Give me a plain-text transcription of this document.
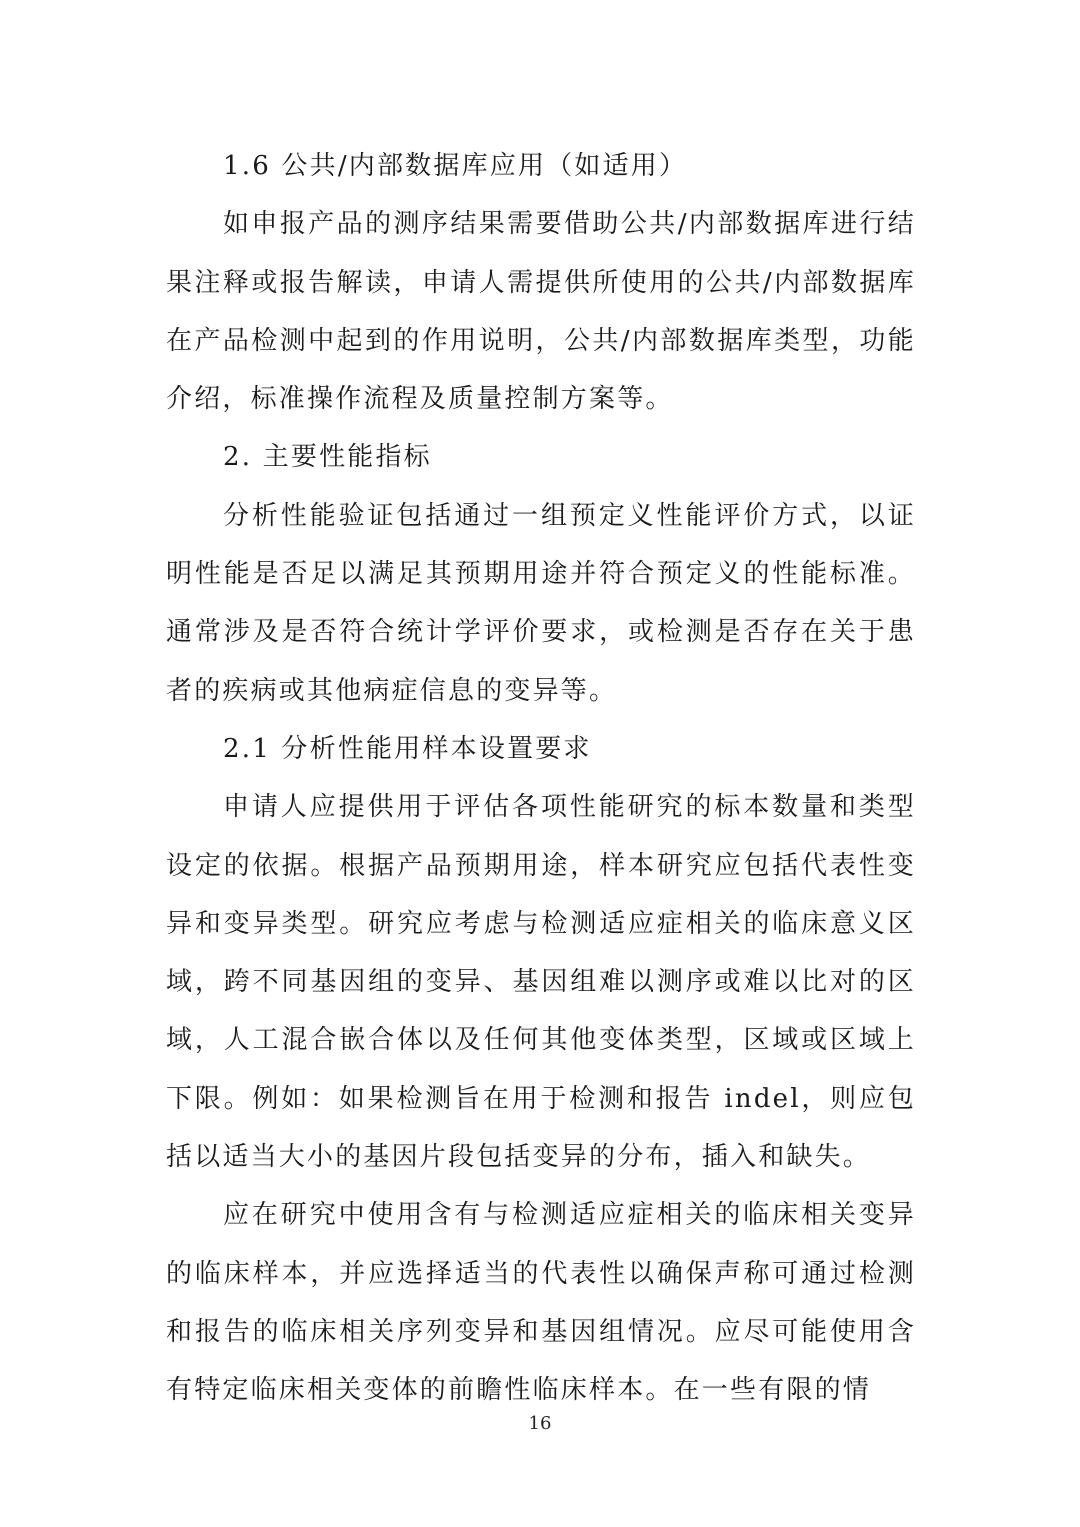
1.6 公共/内部数据库应用（如适用）

如申报产品的测序结果需要借助公共/内部数据库进行结果注释或报告解读，申请人需提供所使用的公共/内部数据库在产品检测中起到的作用说明，公共/内部数据库类型，功能介绍，标准操作流程及质量控制方案等。

2. 主要性能指标

分析性能验证包括通过一组预定义性能评价方式，以证明性能是否足以满足其预期用途并符合预定义的性能标准。通常涉及是否符合统计学评价要求，或检测是否存在关于患者的疾病或其他病症信息的变异等。

2.1 分析性能用样本设置要求

申请人应提供用于评估各项性能研究的标本数量和类型设定的依据。根据产品预期用途，样本研究应包括代表性变异和变异类型。研究应考虑与检测适应症相关的临床意义区域，跨不同基因组的变异、基因组难以测序或难以比对的区域，人工混合嵌合体以及任何其他变体类型，区域或区域上下限。例如：如果检测旨在用于检测和报告 indel，则应包括以适当大小的基因片段包括变异的分布，插入和缺失。

应在研究中使用含有与检测适应症相关的临床相关变异的临床样本，并应选择适当的代表性以确保声称可通过检测和报告的临床相关序列变异和基因组情况。应尽可能使用含有特定临床相关变体的前瞻性临床样本。在一些有限的情

16
